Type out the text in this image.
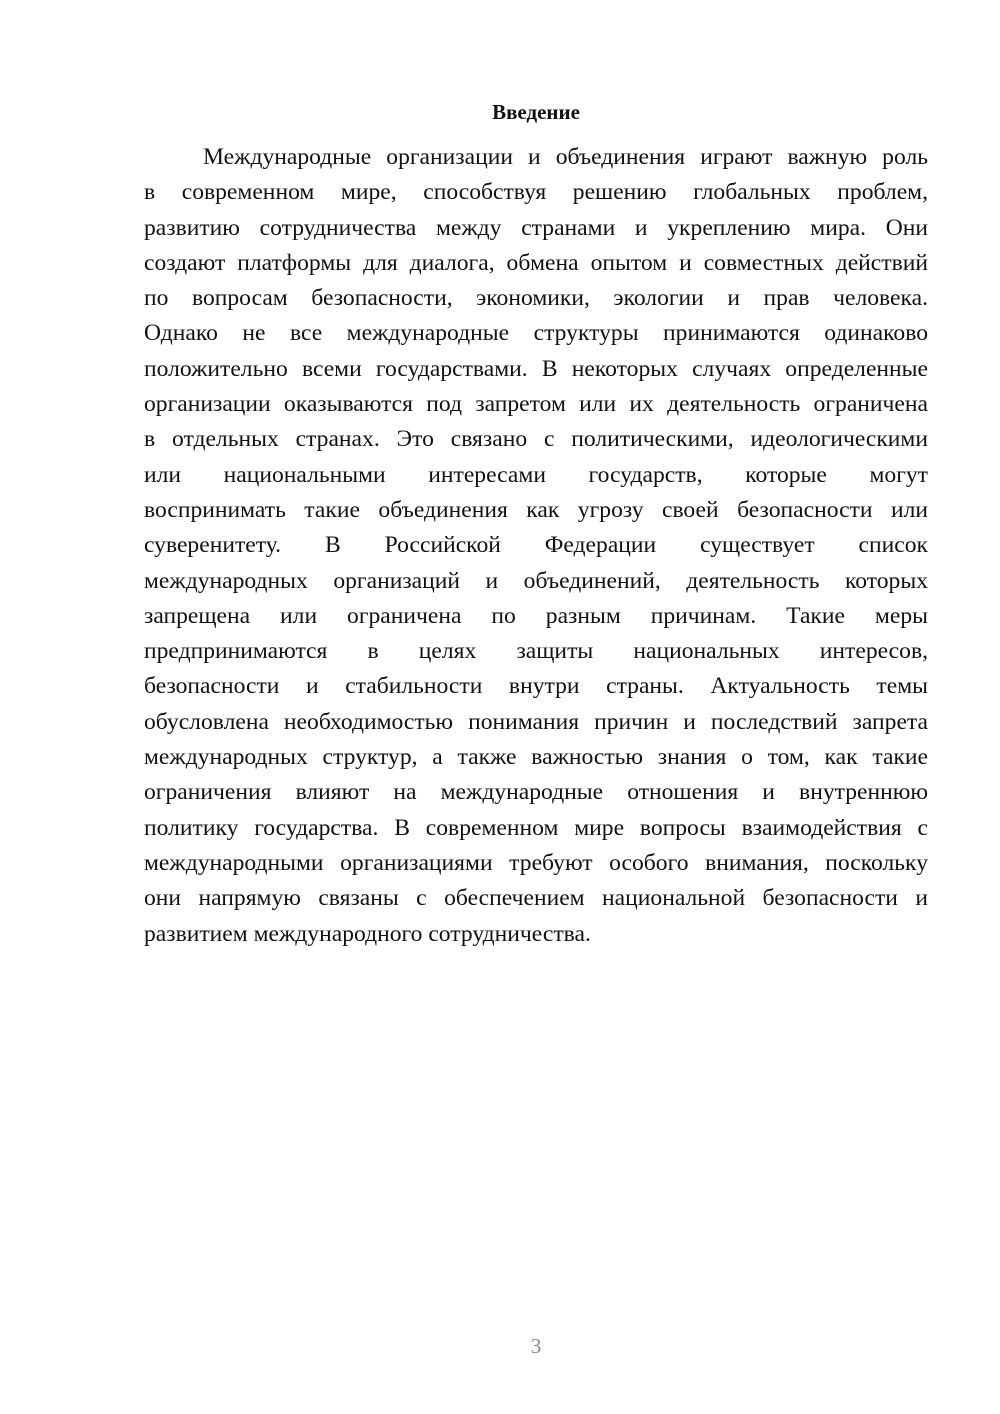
Введение
Международные организации и объединения играют важную роль
в современном мире, способствуя решению глобальных проблем,
развитию сотрудничества между странами и укреплению мира. Они
создают платформы для диалога, обмена опытом и совместных действий
по вопросам безопасности, экономики, экологии и прав человека.
Однако не все международные структуры принимаются одинаково
положительно всеми государствами. В некоторых случаях определенные
организации оказываются под запретом или их деятельность ограничена
в отдельных странах. Это связано с политическими, идеологическими
или национальными интересами государств, которые могут
воспринимать такие объединения как угрозу своей безопасности или
суверенитету. В Российской Федерации существует список
международных организаций и объединений, деятельность которых
запрещена или ограничена по разным причинам. Такие меры
предпринимаются в целях защиты национальных интересов,
безопасности и стабильности внутри страны. Актуальность темы
обусловлена необходимостью понимания причин и последствий запрета
международных структур, а также важностью знания о том, как такие
ограничения влияют на международные отношения и внутреннюю
политику государства. В современном мире вопросы взаимодействия с
международными организациями требуют особого внимания, поскольку
они напрямую связаны с обеспечением национальной безопасности и
развитием международного сотрудничества.
3
